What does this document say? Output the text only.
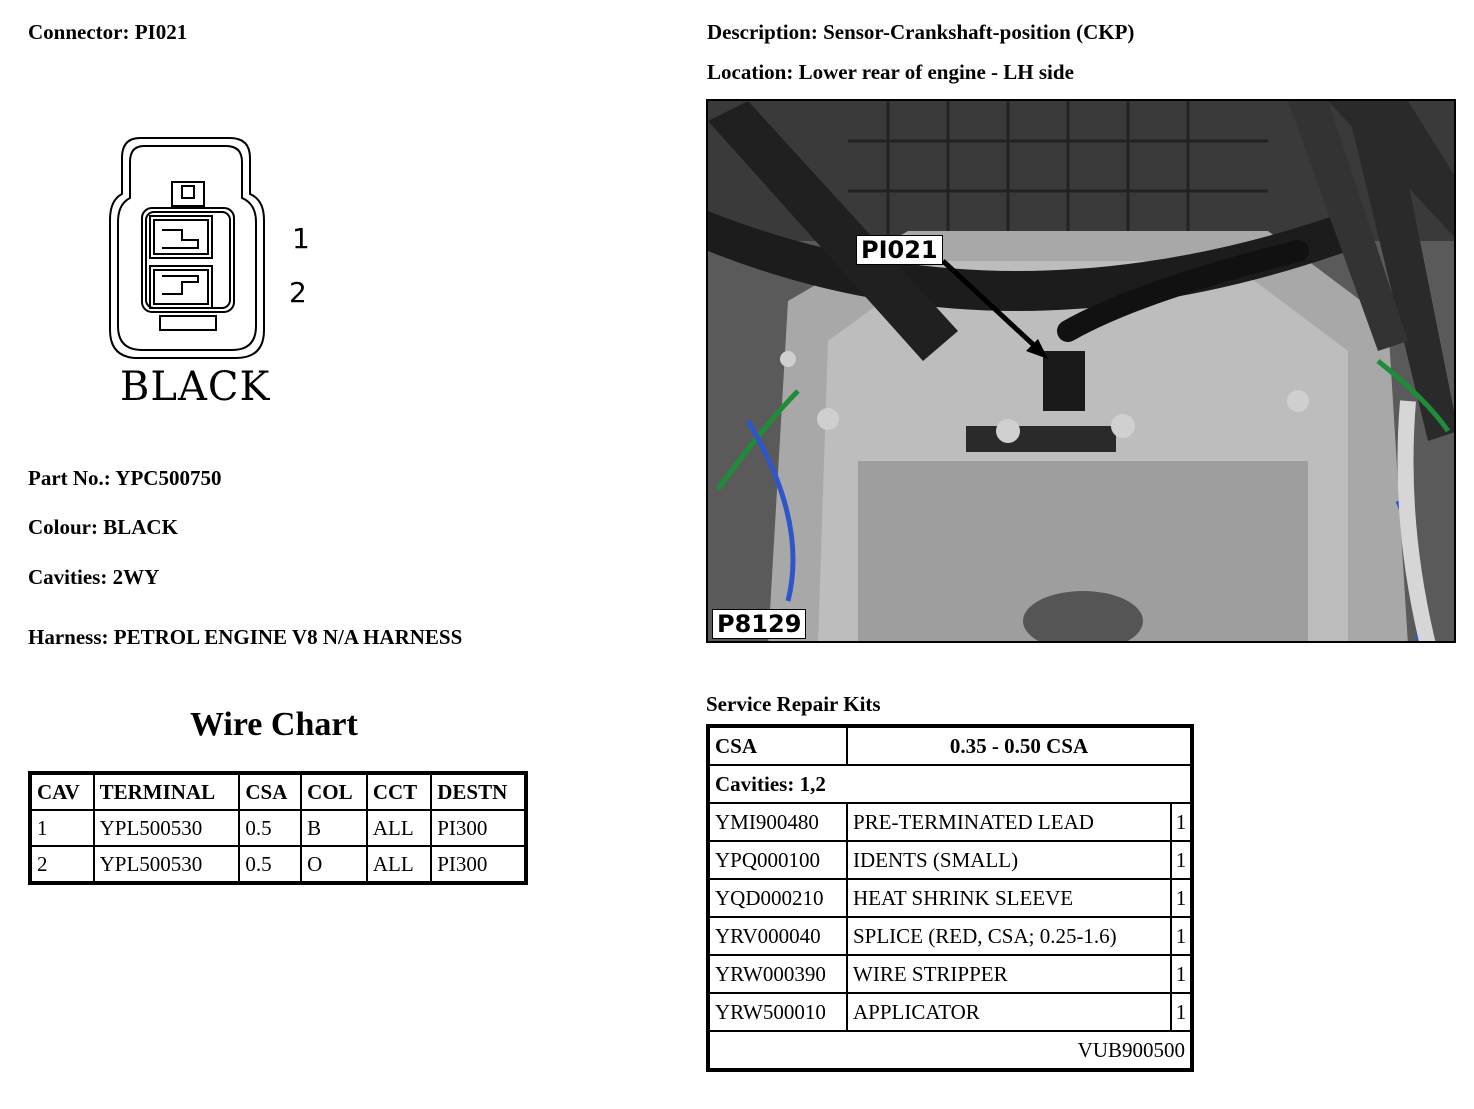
Connector: PI021	Description: Sensor-Crankshaft-position (CKP)
Location: Lower rear of engine - LH side
1
2
BLACK
Part No.: YPC500750
Colour: BLACK
Cavities: 2WY
Harness: PETROL ENGINE V8 N/A HARNESS
Wire Chart
CAV	TERMINAL	CSA	COL	CCT	DESTN
1	YPL500530	0.5	B	ALL	PI300
2	YPL500530	0.5	O	ALL	PI300
PI021
P8129
Service Repair Kits
CSA	0.35 - 0.50 CSA	
Cavities: 1,2		
YMI900480	PRE-TERMINATED LEAD	1
YPQ000100	IDENTS (SMALL)	1
YQD000210	HEAT SHRINK SLEEVE	1
YRV000040	SPLICE (RED, CSA; 0.25-1.6)	1
YRW000390	WIRE STRIPPER	1
YRW500010	APPLICATOR	1
VUB900500		
